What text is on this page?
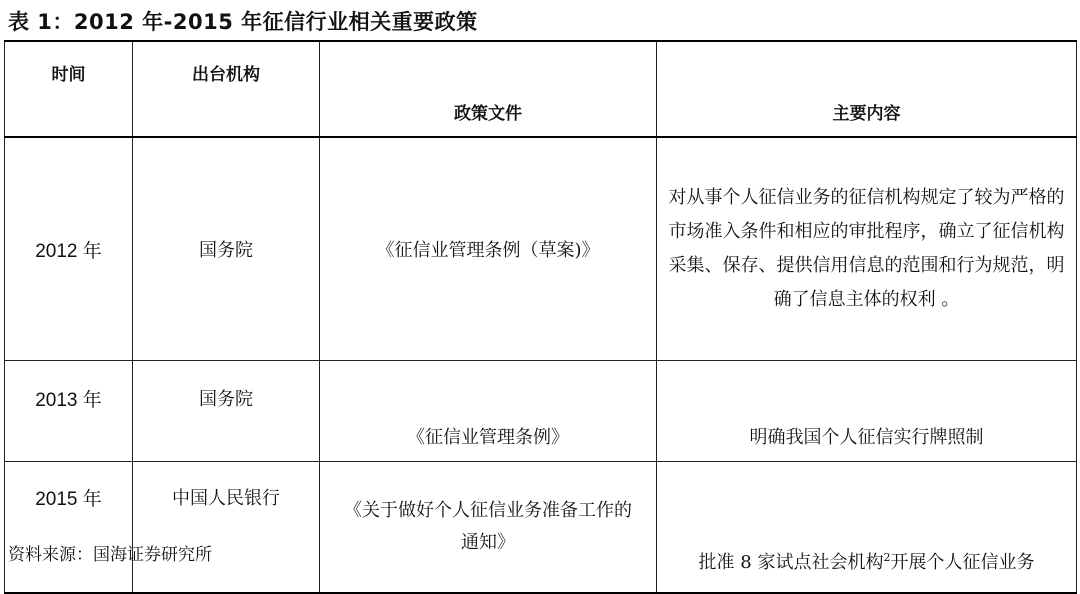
表 1：2012 年-2015 年征信行业相关重要政策
时间	出台机构	政策文件	主要内容
2012 年	国务院	《征信业管理条例（草案)》	对从事个人征信业务的征信机构规定了较为严格的市场准入条件和相应的审批程序，确立了征信机构采集、保存、提供信用信息的范围和行为规范，明确了信息主体的权利 。

2013 年	国务院	《征信业管理条例》	明确我国个人征信实行牌照制
2015 年	中国人民银行	《关于做好个人征信业务准备工作的通知》	批准 8 家试点社会机构$^2$开展个人征信业务
资料来源：国海证券研究所
